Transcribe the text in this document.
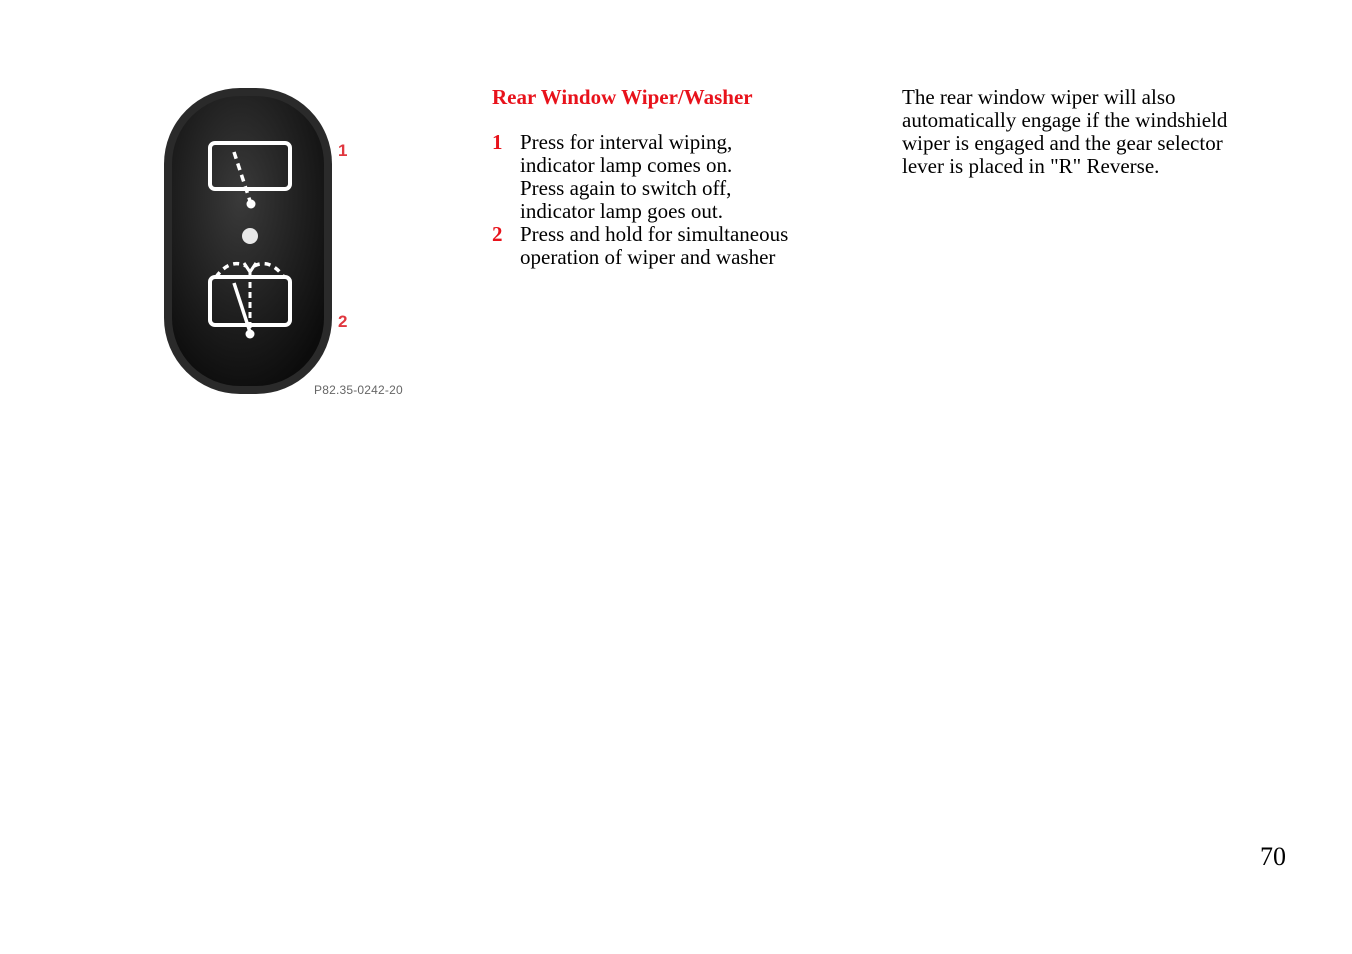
1
2
P82.35-0242-20
Rear Window Wiper/Washer
1 Press for interval wiping,
indicator lamp comes on.
Press again to switch off,
indicator lamp goes out.
2 Press and hold for simultaneous
operation of wiper and washer
The rear window wiper will also
automatically engage if the windshield
wiper is engaged and the gear selector
lever is placed in "R" Reverse.
70
